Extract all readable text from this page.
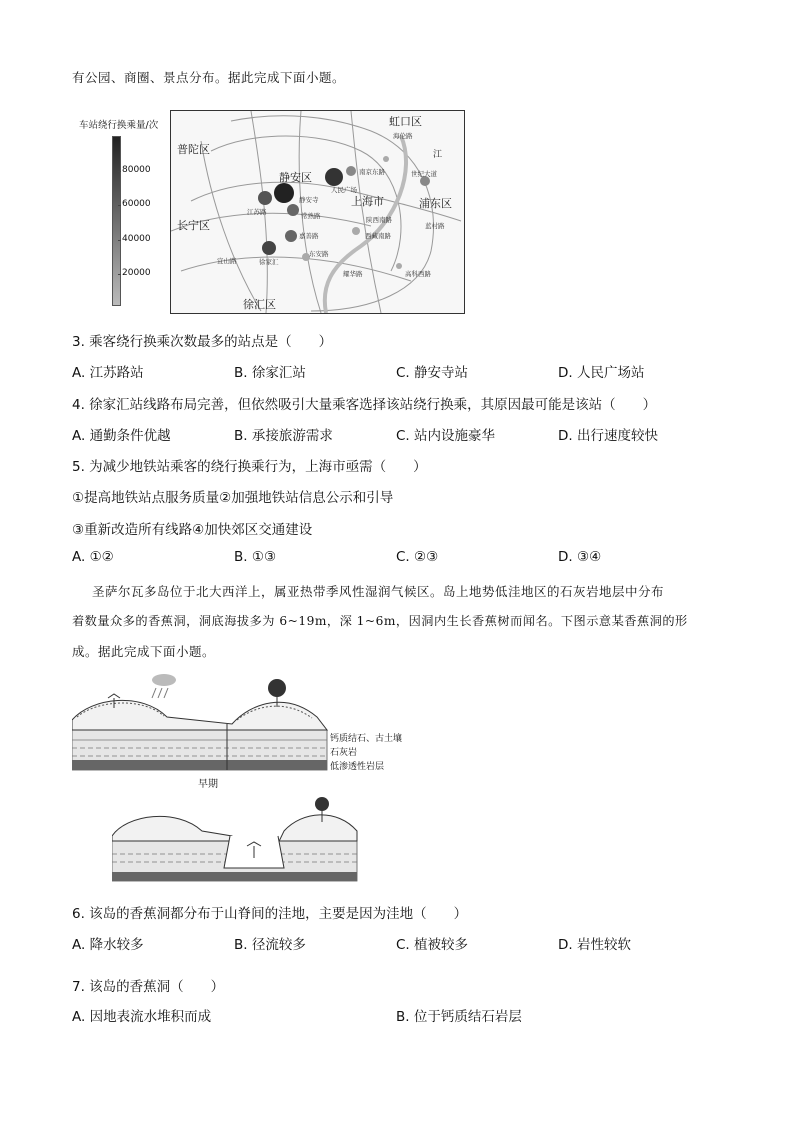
有公园、商圈、景点分布。据此完成下面小题。
车站绕行换乘量/次
80000
60000
40000
20000
虹口区
普陀区
静安区
上海市	浦东区
长宁区
徐汇区
海伦路
南京东路
人民广场
世纪大道
静安寺
江苏路	常熟路
蓝村路
陕西南路
嘉善路	西藏南路
宜山路	徐家汇
东安路
耀华路	高科西路
江
3. 乘客绕行换乘次数最多的站点是（　　）
A. 江苏路站	B. 徐家汇站	C. 静安寺站	D. 人民广场站
4. 徐家汇站线路布局完善，但依然吸引大量乘客选择该站绕行换乘，其原因最可能是该站（　　）
A. 通勤条件优越	B. 承接旅游需求	C. 站内设施豪华	D. 出行速度较快
5. 为减少地铁站乘客的绕行换乘行为，上海市亟需（　　）
①提高地铁站点服务质量②加强地铁站信息公示和引导
③重新改造所有线路④加快郊区交通建设
A. ①②	B. ①③	C. ②③	D. ③④
圣萨尔瓦多岛位于北大西洋上，属亚热带季风性湿润气候区。岛上地势低洼地区的石灰岩地层中分布
着数量众多的香蕉洞，洞底海拔多为 6~19m，深 1~6m，因洞内生长香蕉树而闻名。下图示意某香蕉洞的形
成。据此完成下面小题。
钙质结石、古土壤
石灰岩
低渗透性岩层
早期
6. 该岛的香蕉洞都分布于山脊间的洼地，主要是因为洼地（　　）
A. 降水较多	B. 径流较多	C. 植被较多	D. 岩性较软
7. 该岛的香蕉洞（　　）
A. 因地表流水堆积而成	B. 位于钙质结石岩层
